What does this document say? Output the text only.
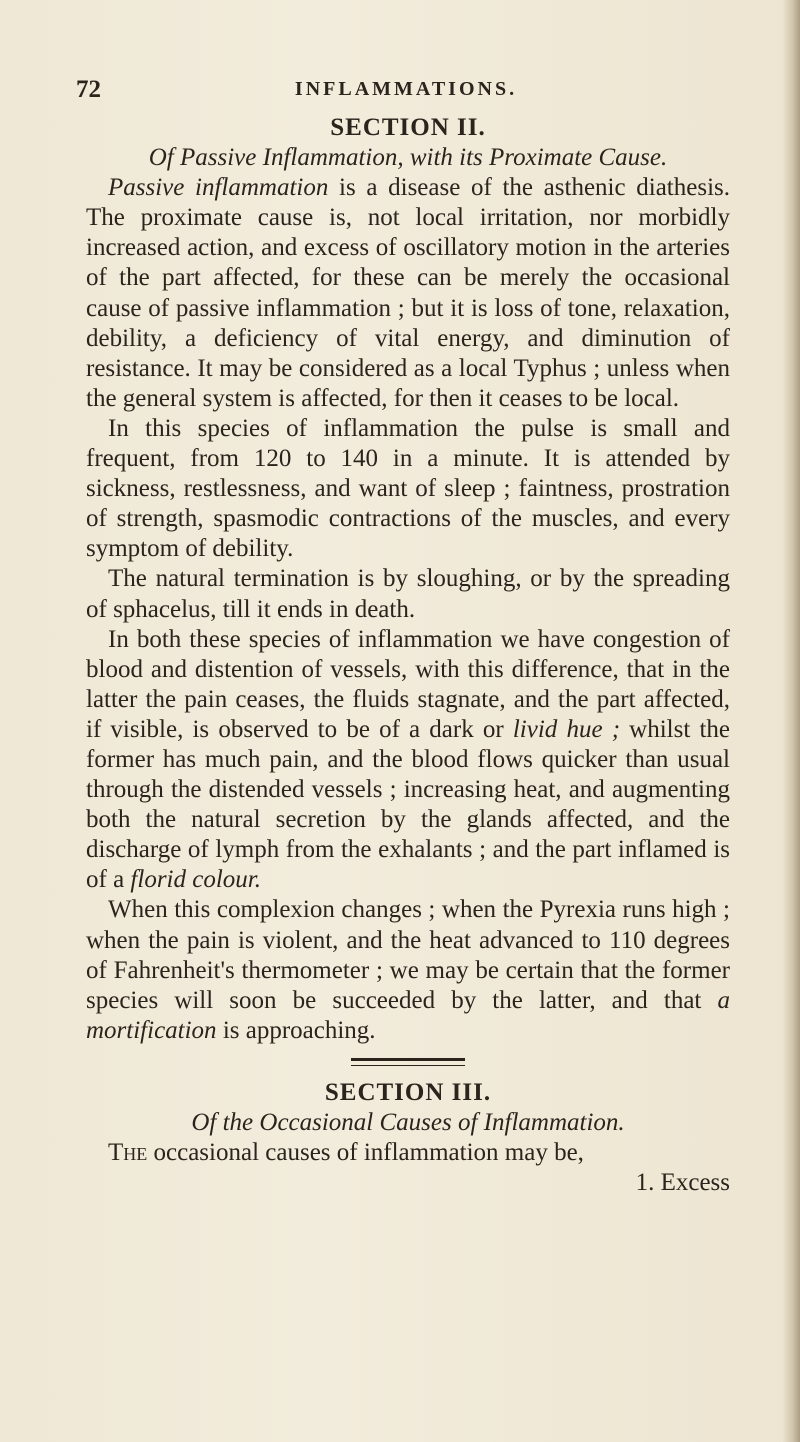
72	INFLAMMATIONS.
SECTION II.

Of Passive Inflammation, with its Proximate Cause.

Passive inflammation is a disease of the asthenic diathesis. The proximate cause is, not local irritation, nor morbidly increased action, and excess of oscillatory motion in the arteries of the part affected, for these can be merely the occasional cause of passive inflammation ; but it is loss of tone, relaxation, debility, a deficiency of vital energy, and diminution of resistance. It may be considered as a local Typhus ; unless when the general system is affected, for then it ceases to be local.

In this species of inflammation the pulse is small and frequent, from 120 to 140 in a minute. It is attended by sickness, restlessness, and want of sleep ; faintness, prostration of strength, spasmodic contractions of the muscles, and every symptom of debility.

The natural termination is by sloughing, or by the spreading of sphacelus, till it ends in death.

In both these species of inflammation we have congestion of blood and distention of vessels, with this difference, that in the latter the pain ceases, the fluids stagnate, and the part affected, if visible, is observed to be of a dark or livid hue ; whilst the former has much pain, and the blood flows quicker than usual through the distended vessels ; increasing heat, and augmenting both the natural secretion by the glands affected, and the discharge of lymph from the exhalants ; and the part inflamed is of a florid colour.

When this complexion changes ; when the Pyrexia runs high ; when the pain is violent, and the heat advanced to 110 degrees of Fahrenheit's thermometer ; we may be certain that the former species will soon be succeeded by the latter, and that a mortification is approaching.

SECTION III.

Of the Occasional Causes of Inflammation.

The occasional causes of inflammation may be,

1. Excess
